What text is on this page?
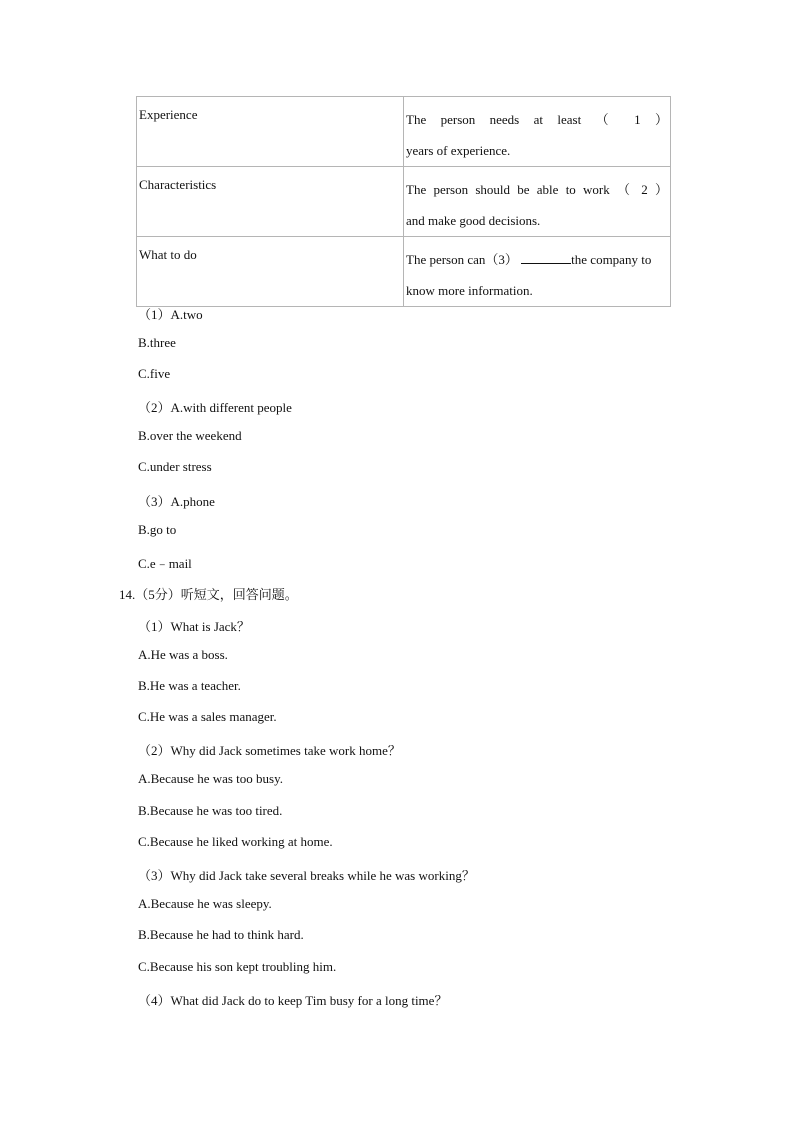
Experience	The person needs at least （ 1 ）
years of experience.

Characteristics	The person should be able to work （ 2 ）
and make good decisions.

What to do	The person can（3） the company to
know more information.
（1）A.two
B.three
C.five
（2）A.with different people
B.over the weekend
C.under stress
（3）A.phone
B.go to
C.e﹣mail
14.（5分）听短文，回答问题。
（1）What is Jack？
A.He was a boss.
B.He was a teacher.
C.He was a sales manager.
（2）Why did Jack sometimes take work home？
A.Because he was too busy.
B.Because he was too tired.
C.Because he liked working at home.
（3）Why did Jack take several breaks while he was working？
A.Because he was sleepy.
B.Because he had to think hard.
C.Because his son kept troubling him.
（4）What did Jack do to keep Tim busy for a long time？
